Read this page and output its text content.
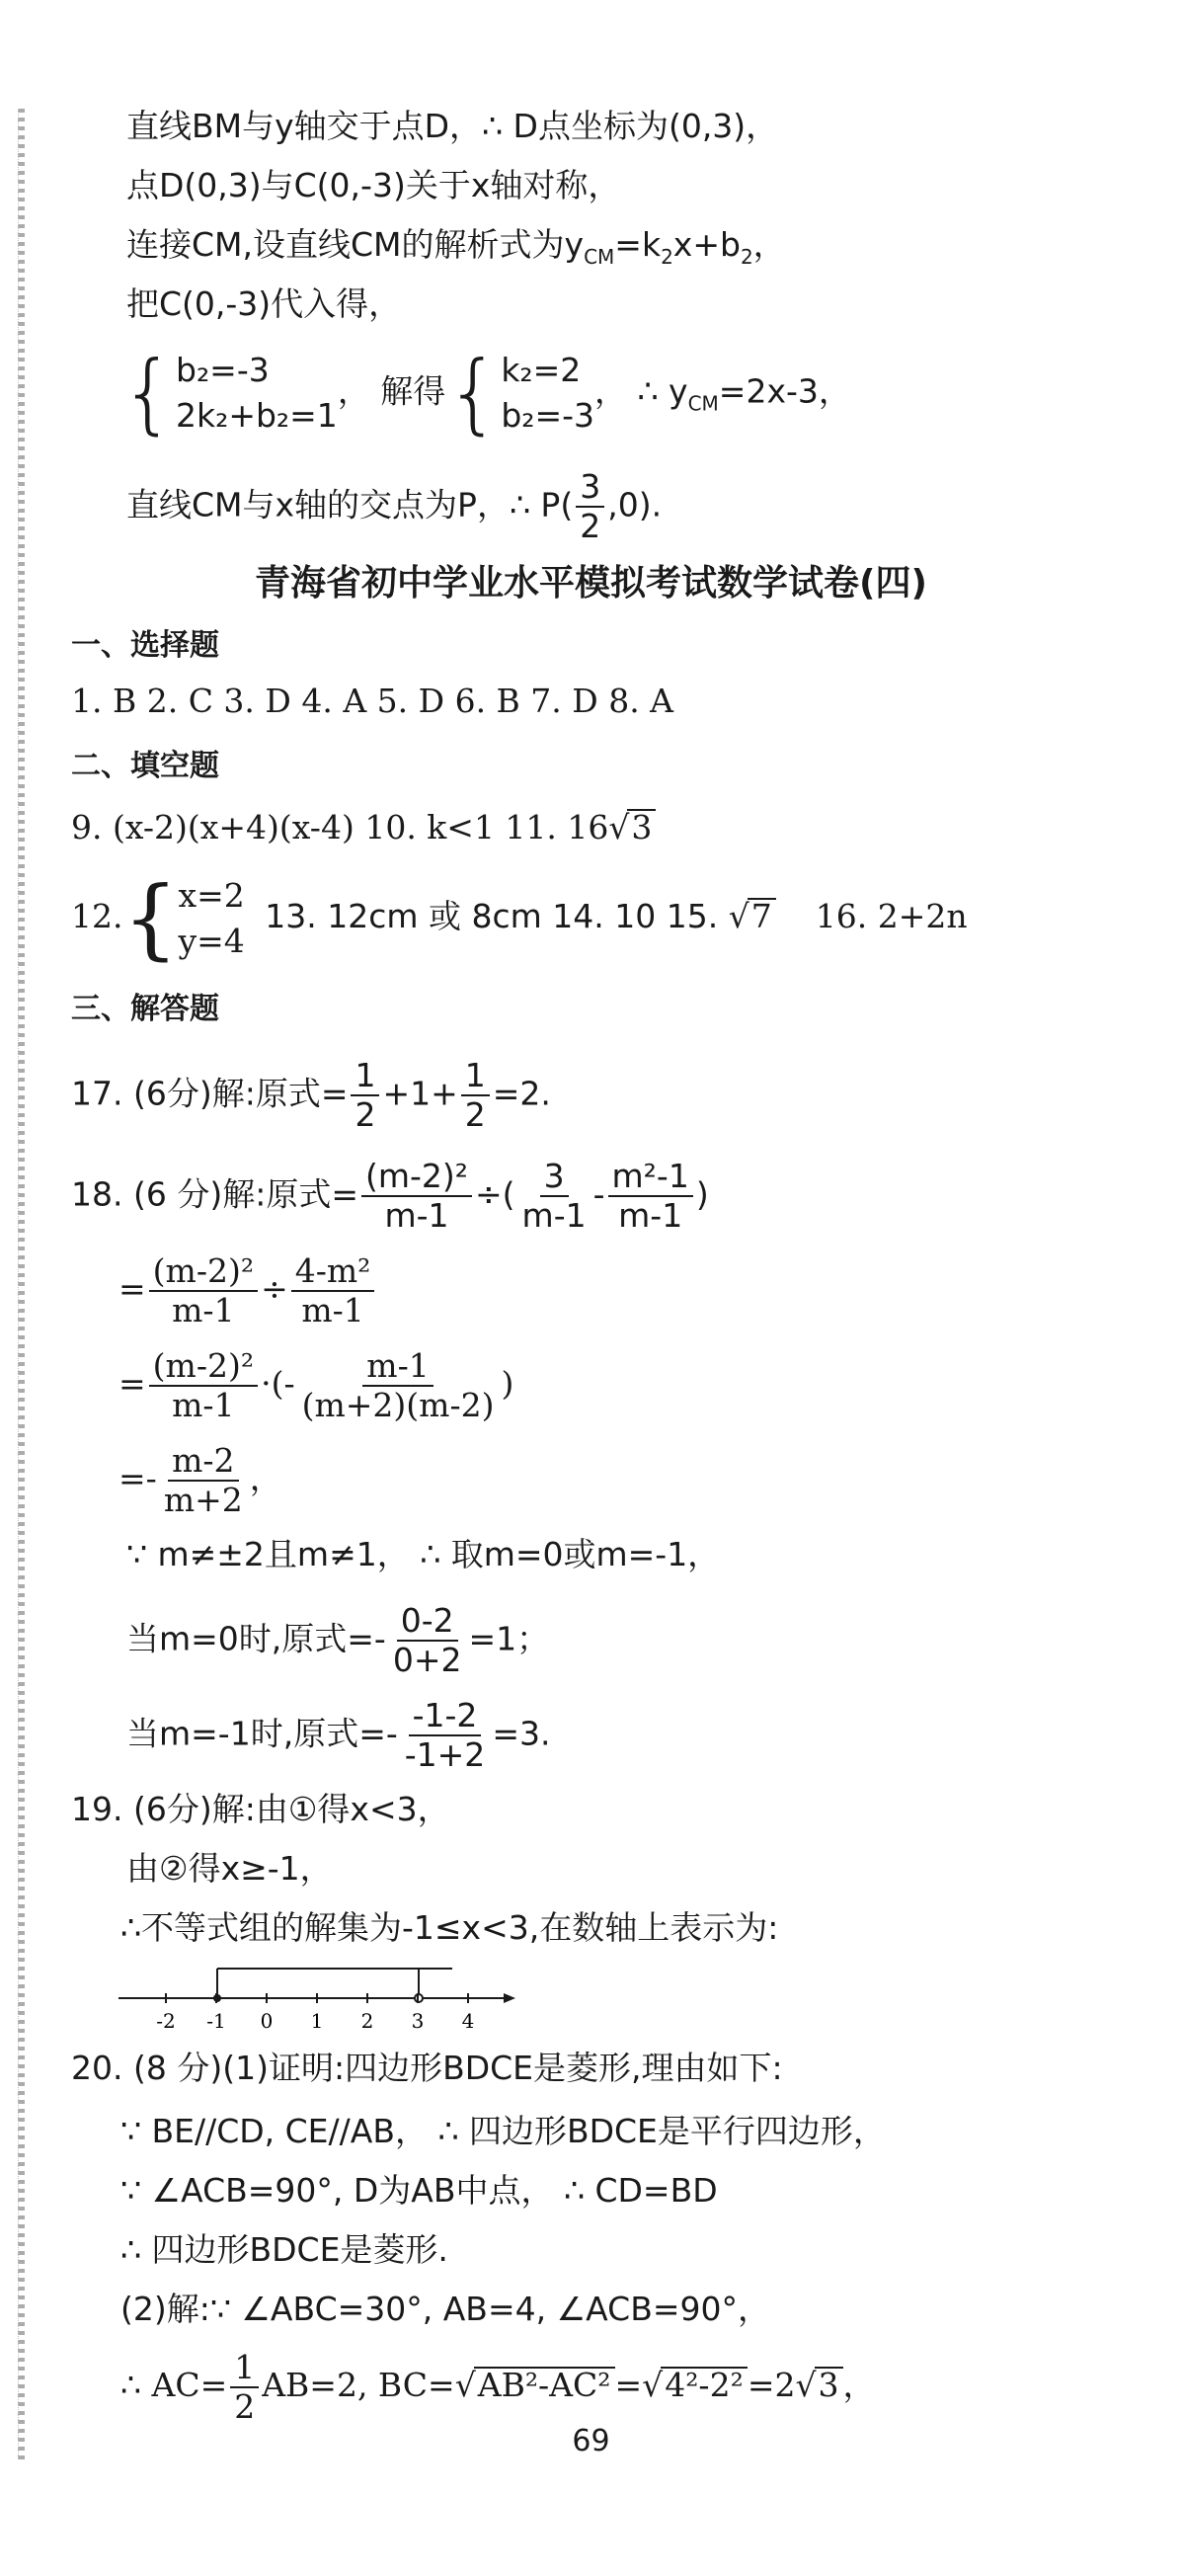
直线BM与y轴交于点D，∴ D点坐标为(0,3)，
点D(0,3)与C(0,-3)关于x轴对称，
连接CM,设直线CM的解析式为$y_{CM}=k_2x+b_2$，
把C(0,-3)代入得，
{ b₂=-3
2k₂+b₂=1
， 解得{ k₂=2
b₂=-3
， ∴ $y_{CM}=2x-3$，
直线CM与x轴的交点为P，∴ $P( \frac{3}{2} ,0)$.
青海省初中学业水平模拟考试数学试卷(四)
一、选择题
1. B 2. C 3. D 4. A 5. D 6. B 7. D 8. A
二、填空题
9. (x-2)(x+4)(x-4) 10. k<1 11. 16√3
12.{ x=2
y=4
13. 12cm 或 8cm 14. 10 15. √7 16. 2+2n
三、解答题
17. (6分)解:原式= $\frac{1}{2} +1+ \frac{1}{2} =2$.
18. (6 分)解:原式= $\frac{\text{(m-2)²}}{m-1}$ ÷( $\frac{3}{m-1} - \frac{\text{m²-1}}{m-1}$ )
= $\frac{\text{(m-2)²}}{m-1} \div \frac{\text{4-m²}}{m-1}$
= $\frac{\text{(m-2)²}}{m-1}$ ·(- $\frac{m-1}{(m+2)(m-2)}$ )
=- $\frac{m-2}{m+2}$ ，
∵ m≠±2且m≠1， ∴ 取m=0或m=-1，
当m=0时,原式=- $\frac{0-2}{0+2} =1$；
当m=-1时,原式=- $\frac{-1-2}{-1+2} =3$.
19. (6分)解:由①得x<3，
由②得x≥-1，
∴不等式组的解集为-1≤x<3,在数轴上表示为:
-2 -1 0 1 2 3 4
20. (8 分)(1)证明:四边形BDCE是菱形,理由如下:
∵ BE//CD, CE//AB， ∴ 四边形BDCE是平行四边形，
∵ ∠ACB=90°, D为AB中点， ∴ CD=BD
∴ 四边形BDCE是菱形.
(2)解:∵ ∠ABC=30°, AB=4, ∠ACB=90°，
∴ $AC= \frac{1}{2} AB=2$, BC=√AB²-AC² =√4²-2² =2√3 ，
69
